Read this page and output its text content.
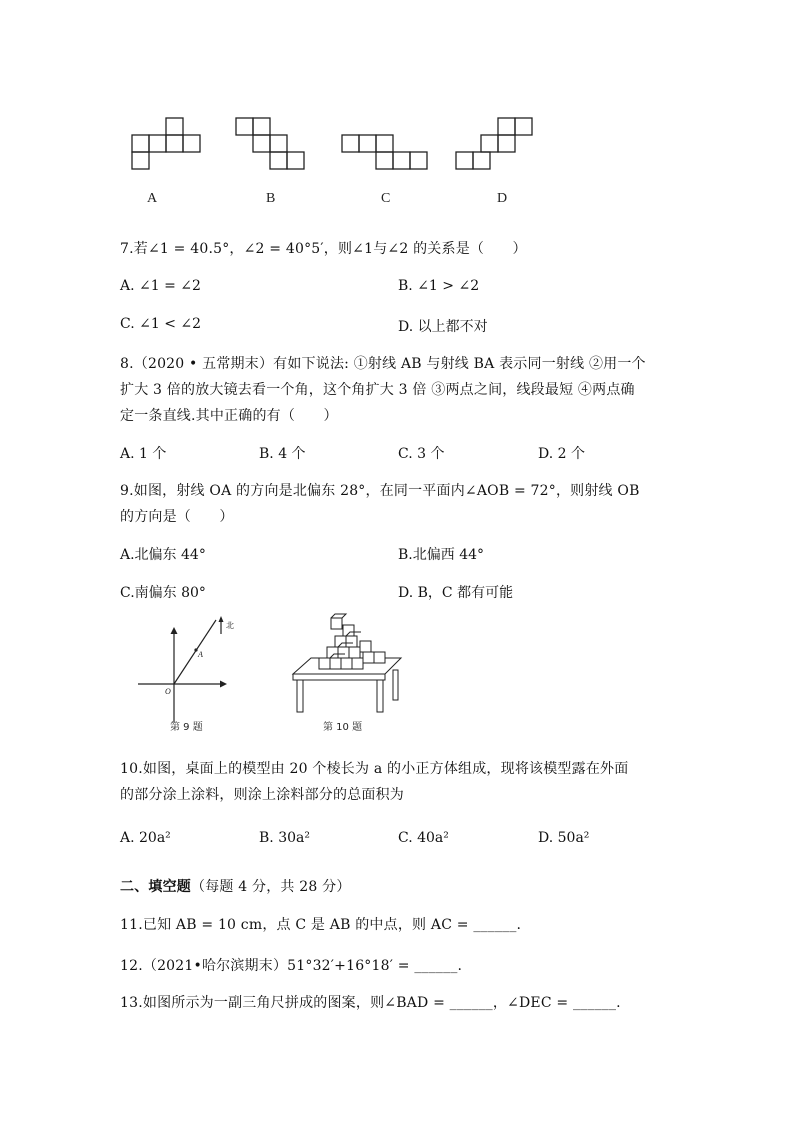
A	B	C	D
7.若∠1 = 40.5°，∠2 = 40°5′，则∠1与∠2 的关系是（　　）
A. ∠1 = ∠2	B. ∠1 > ∠2
C. ∠1 < ∠2	D. 以上都不对
8.（2020 • 五常期末）有如下说法: ①射线 AB 与射线 BA 表示同一射线 ②用一个
扩大 3 倍的放大镜去看一个角，这个角扩大 3 倍 ③两点之间，线段最短 ④两点确
定一条直线.其中正确的有（　　）
A. 1 个	B. 4 个	C. 3 个	D. 2 个
9.如图，射线 OA 的方向是北偏东 28°，在同一平面内∠AOB = 72°，则射线 OB
的方向是（　　）
A.北偏东 44°	B.北偏西 44°
C.南偏东 80°	D. B，C 都有可能
北
A
O
第 9 题	第 10 题
10.如图，桌面上的模型由 20 个棱长为 a 的小正方体组成，现将该模型露在外面
的部分涂上涂料，则涂上涂料部分的总面积为
A. 20a²	B. 30a²	C. 40a²	D. 50a²
二、填空题（每题 4 分，共 28 分）
11.已知 AB = 10 cm，点 C 是 AB 的中点，则 AC = ______.
12.（2021•哈尔滨期末）51°32′+16°18′ = ______.
13.如图所示为一副三角尺拼成的图案，则∠BAD = ______，∠DEC = ______.
